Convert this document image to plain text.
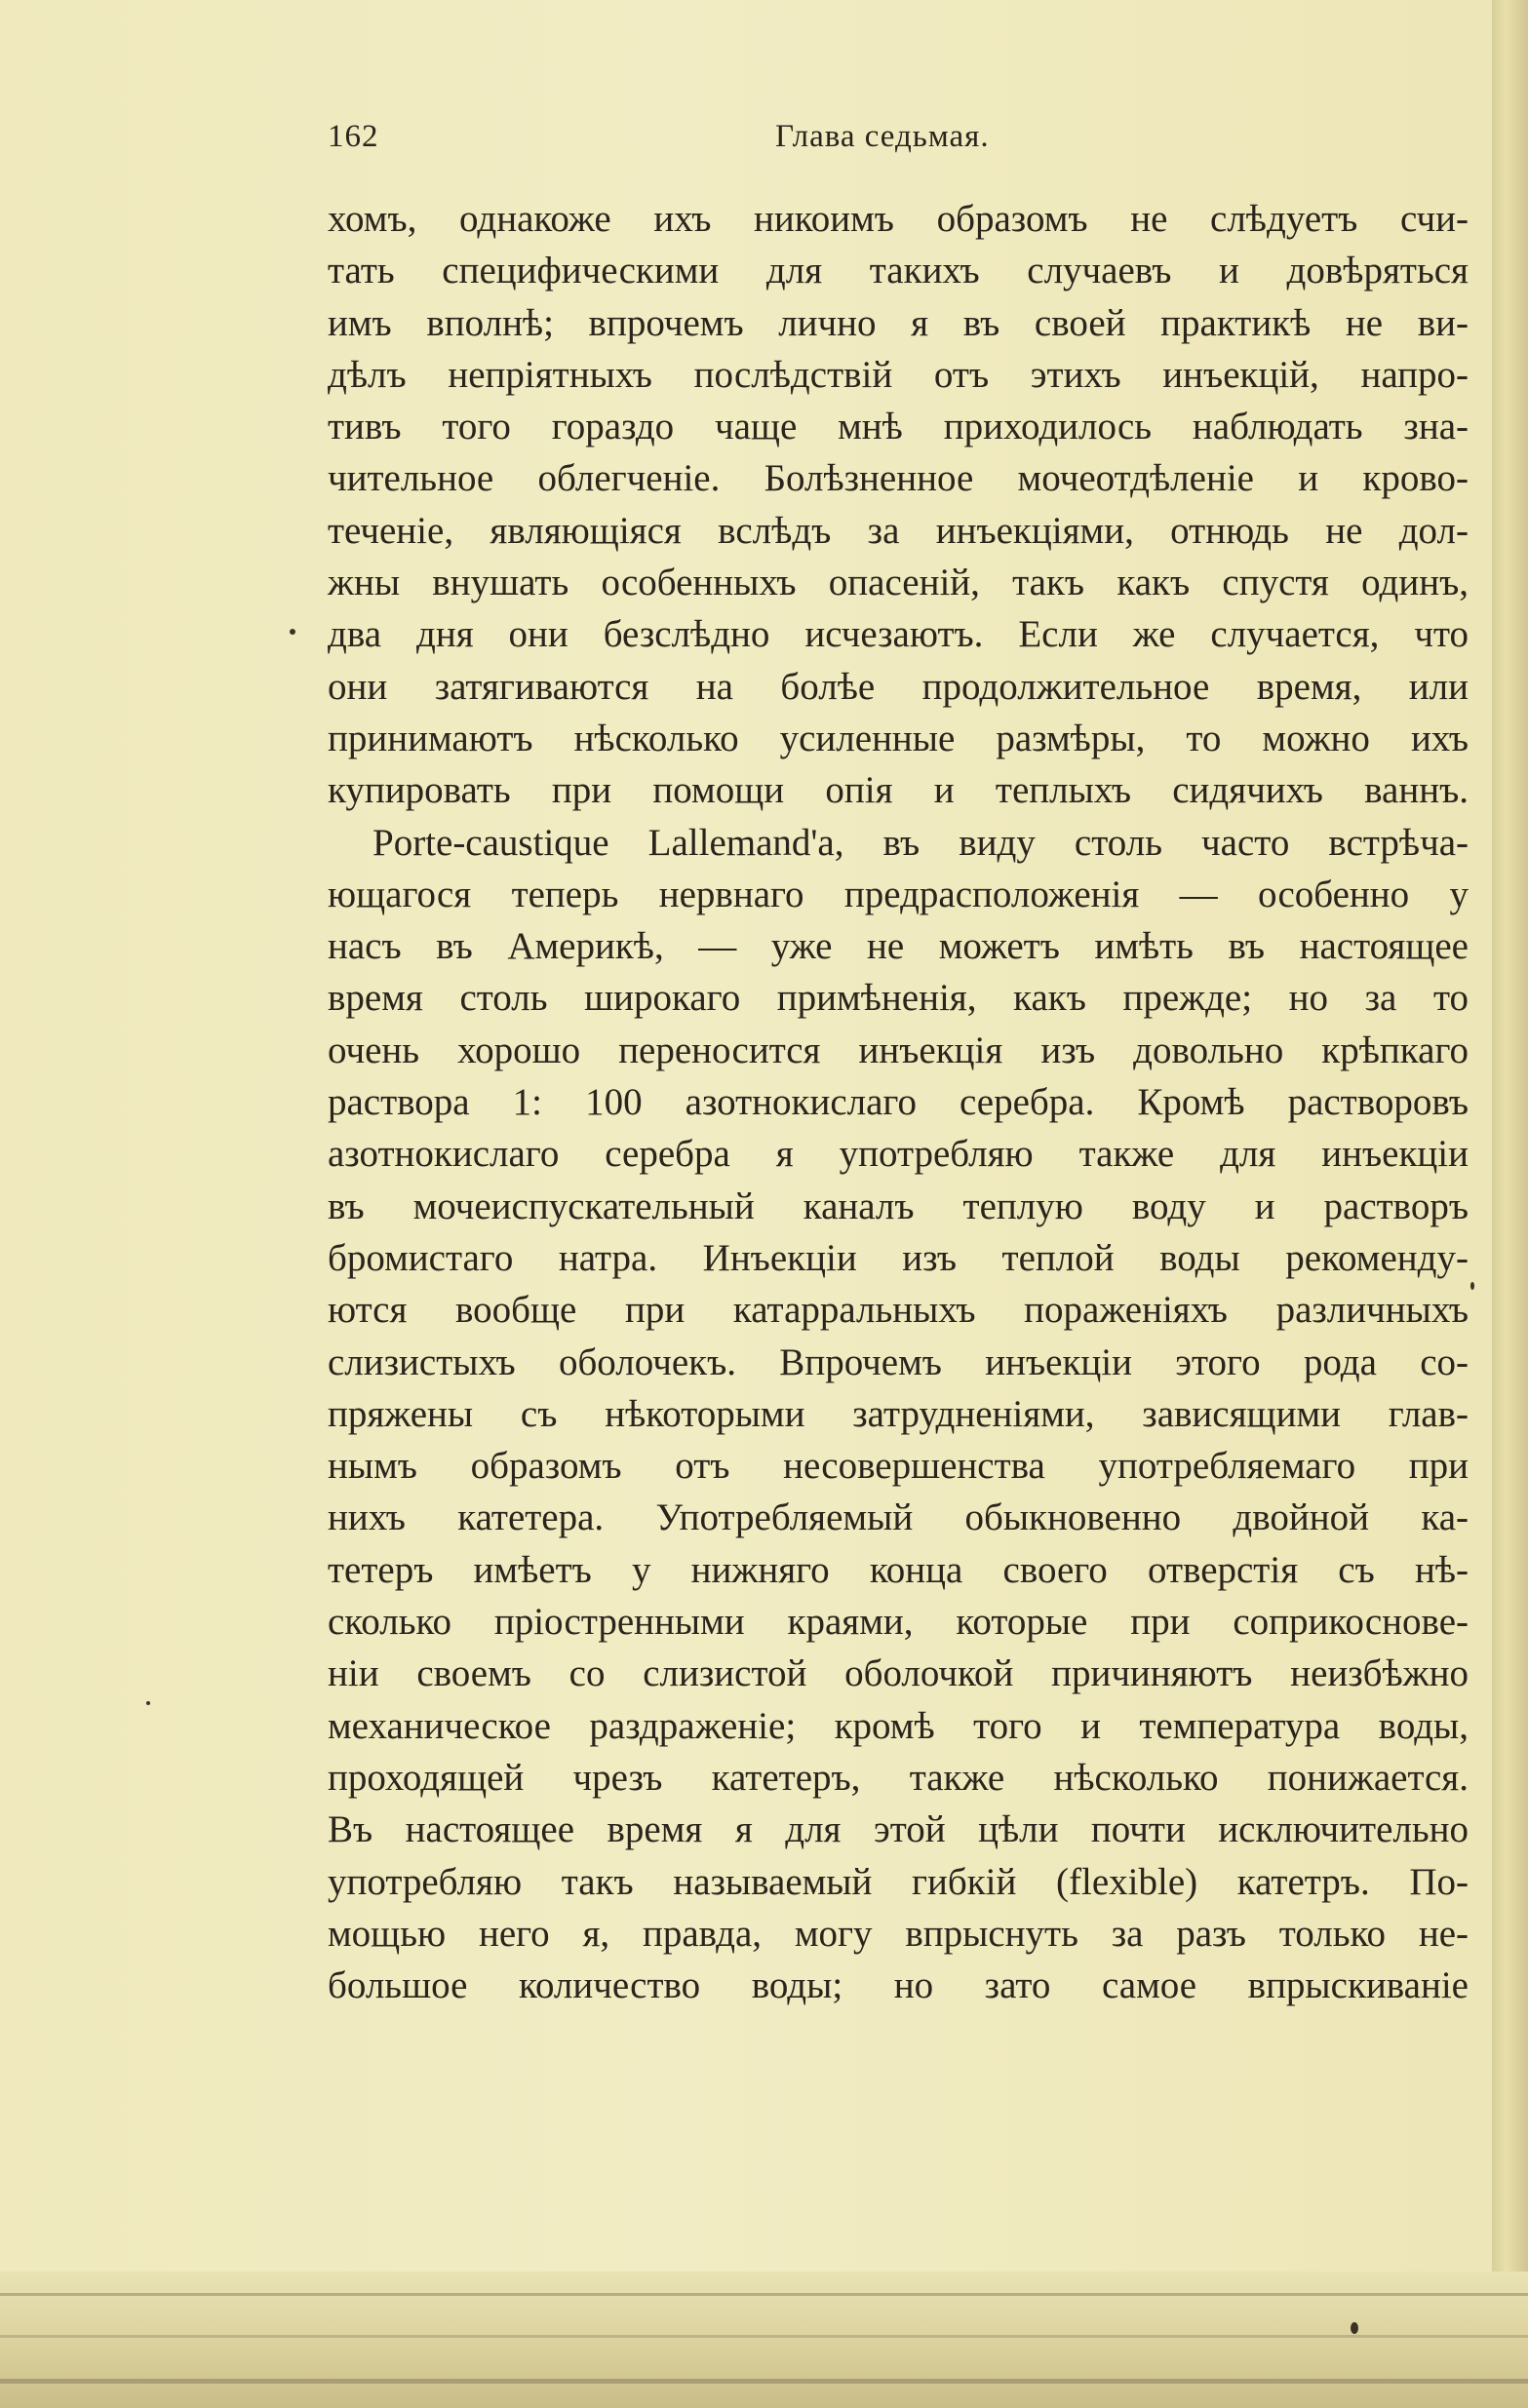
162	Глава седьмая.
хомъ, однакоже ихъ никоимъ образомъ не слѣдуетъ счи-
тать специфическими для такихъ случаевъ и довѣряться
имъ вполнѣ; впрочемъ лично я въ своей практикѣ не ви-
дѣлъ непріятныхъ послѣдствій отъ этихъ инъекцій, напро-
тивъ того гораздо чаще мнѣ приходилось наблюдать зна-
чительное облегченіе. Болѣзненное мочеотдѣленіе и крово-
теченіе, являющіяся вслѣдъ за инъекціями, отнюдь не дол-
жны внушать особенныхъ опасеній, такъ какъ спустя одинъ,
два дня они безслѣдно исчезаютъ. Если же случается, что
они затягиваются на болѣе продолжительное время, или
принимаютъ нѣсколько усиленные размѣры, то можно ихъ
купировать при помощи опія и теплыхъ сидячихъ ваннъ.
Porte-caustique Lallemand'а, въ виду столь часто встрѣча-
ющагося теперь нервнаго предрасположенія — особенно у
насъ въ Америкѣ, — уже не можетъ имѣть въ настоящее
время столь широкаго примѣненія, какъ прежде; но за то
очень хорошо переносится инъекція изъ довольно крѣпкаго
раствора 1: 100 азотнокислаго серебра. Кромѣ растворовъ
азотнокислаго серебра я употребляю также для инъекціи
въ мочеиспускательный каналъ теплую воду и растворъ
бромистаго натра. Инъекціи изъ теплой воды рекоменду-
ются вообще при катарральныхъ пораженіяхъ различныхъ
слизистыхъ оболочекъ. Впрочемъ инъекціи этого рода со-
пряжены съ нѣкоторыми затрудненіями, зависящими глав-
нымъ образомъ отъ несовершенства употребляемаго при
нихъ катетера. Употребляемый обыкновенно двойной ка-
тетеръ имѣетъ у нижняго конца своего отверстія съ нѣ-
сколько пріостренными краями, которые при соприкоснове-
ніи своемъ со слизистой оболочкой причиняютъ неизбѣжно
механическое раздраженіе; кромѣ того и температура воды,
проходящей чрезъ катетеръ, также нѣсколько понижается.
Въ настоящее время я для этой цѣли почти исключительно
употребляю такъ называемый гибкій (flexible) катетръ. По-
мощью него я, правда, могу впрыснуть за разъ только не-
большое количество воды; но зато самое впрыскиваніе
